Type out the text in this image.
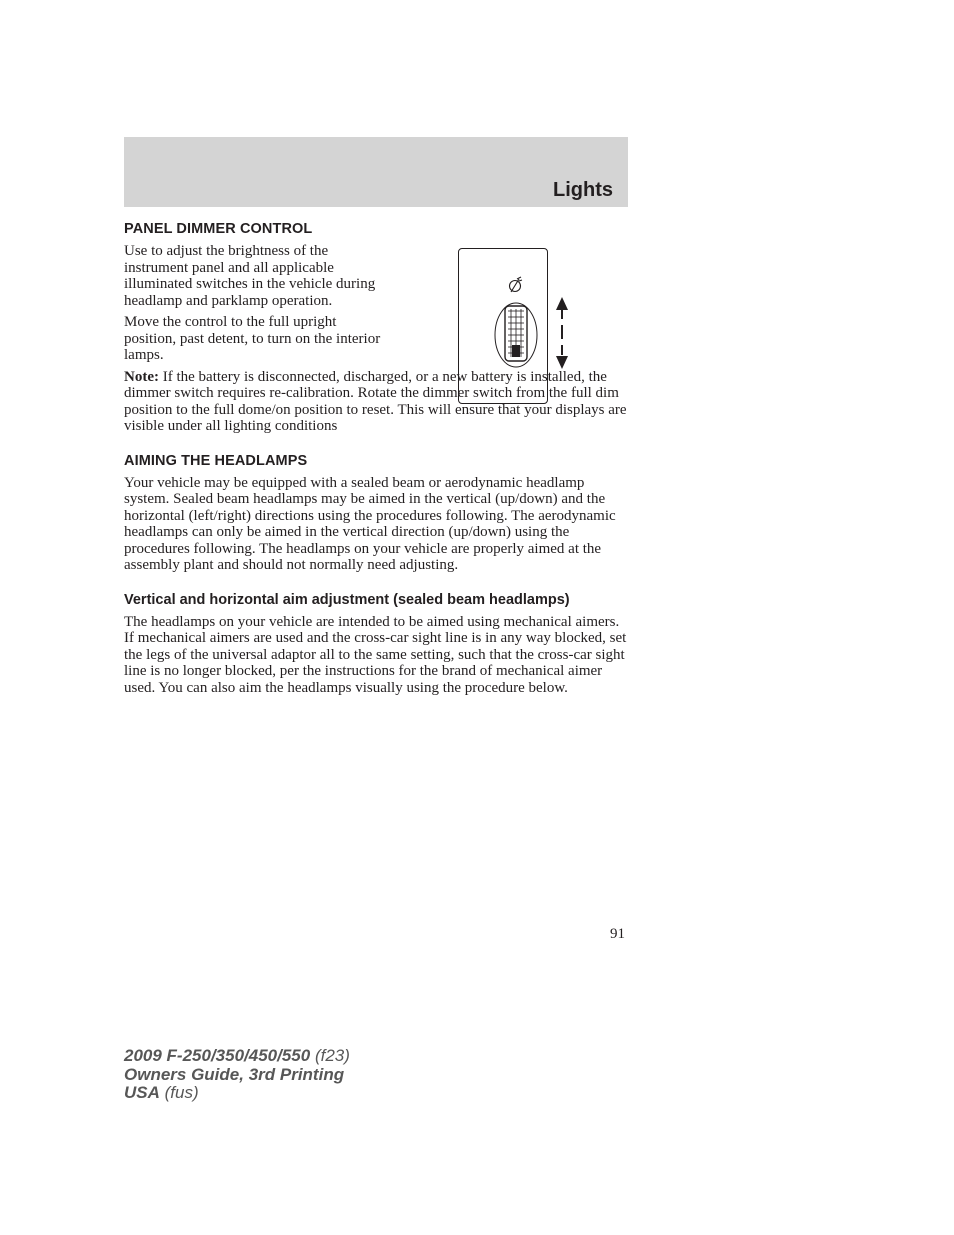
Lights
PANEL DIMMER CONTROL

Use to adjust the brightness of the instrument panel and all applicable illuminated switches in the vehicle during headlamp and parklamp operation.

Move the control to the full upright position, past detent, to turn on the interior lamps.

Note: If the battery is disconnected, discharged, or a new battery is installed, the dimmer switch requires re-calibration. Rotate the dimmer switch from the full dim position to the full dome/on position to reset. This will ensure that your displays are visible under all lighting conditions

AIMING THE HEADLAMPS

Your vehicle may be equipped with a sealed beam or aerodynamic headlamp system. Sealed beam headlamps may be aimed in the vertical (up/down) and the horizontal (left/right) directions using the procedures following. The aerodynamic headlamps can only be aimed in the vertical direction (up/down) using the procedures following. The headlamps on your vehicle are properly aimed at the assembly plant and should not normally need adjusting.

Vertical and horizontal aim adjustment (sealed beam headlamps)

The headlamps on your vehicle are intended to be aimed using mechanical aimers. If mechanical aimers are used and the cross-car sight line is in any way blocked, set the legs of the universal adaptor all to the same setting, such that the cross-car sight line is no longer blocked, per the instructions for the brand of mechanical aimer used. You can also aim the headlamps visually using the procedure below.

91
2009 F-250/350/450/550 (f23)
Owners Guide, 3rd Printing
USA (fus)
